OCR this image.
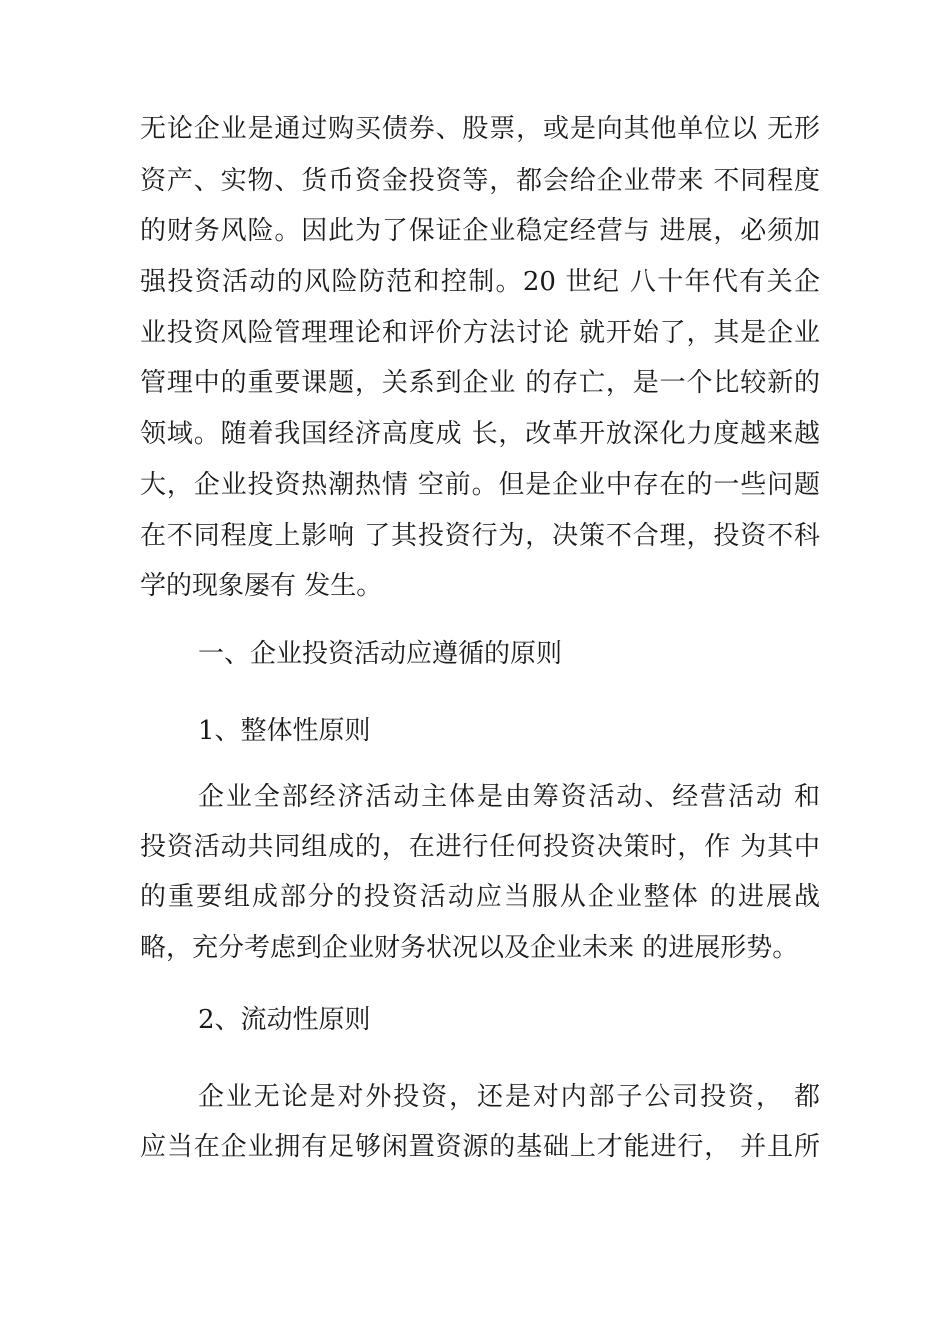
无论企业是通过购买债券、股票，或是向其他单位以 无形
资产、实物、货币资金投资等，都会给企业带来 不同程度
的财务风险。因此为了保证企业稳定经营与 进展，必须加
强投资活动的风险防范和控制。20 世纪 八十年代有关企
业投资风险管理理论和评价方法讨论 就开始了，其是企业
管理中的重要课题，关系到企业 的存亡，是一个比较新的
领域。随着我国经济高度成 长，改革开放深化力度越来越
大，企业投资热潮热情 空前。但是企业中存在的一些问题
在不同程度上影响 了其投资行为，决策不合理，投资不科
学的现象屡有 发生。
一、企业投资活动应遵循的原则
1、整体性原则
企业全部经济活动主体是由筹资活动、经营活动 和
投资活动共同组成的，在进行任何投资决策时，作 为其中
的重要组成部分的投资活动应当服从企业整体 的进展战
略，充分考虑到企业财务状况以及企业未来 的进展形势。
2、流动性原则
企业无论是对外投资，还是对内部子公司投资， 都
应当在企业拥有足够闲置资源的基础上才能进行， 并且所
